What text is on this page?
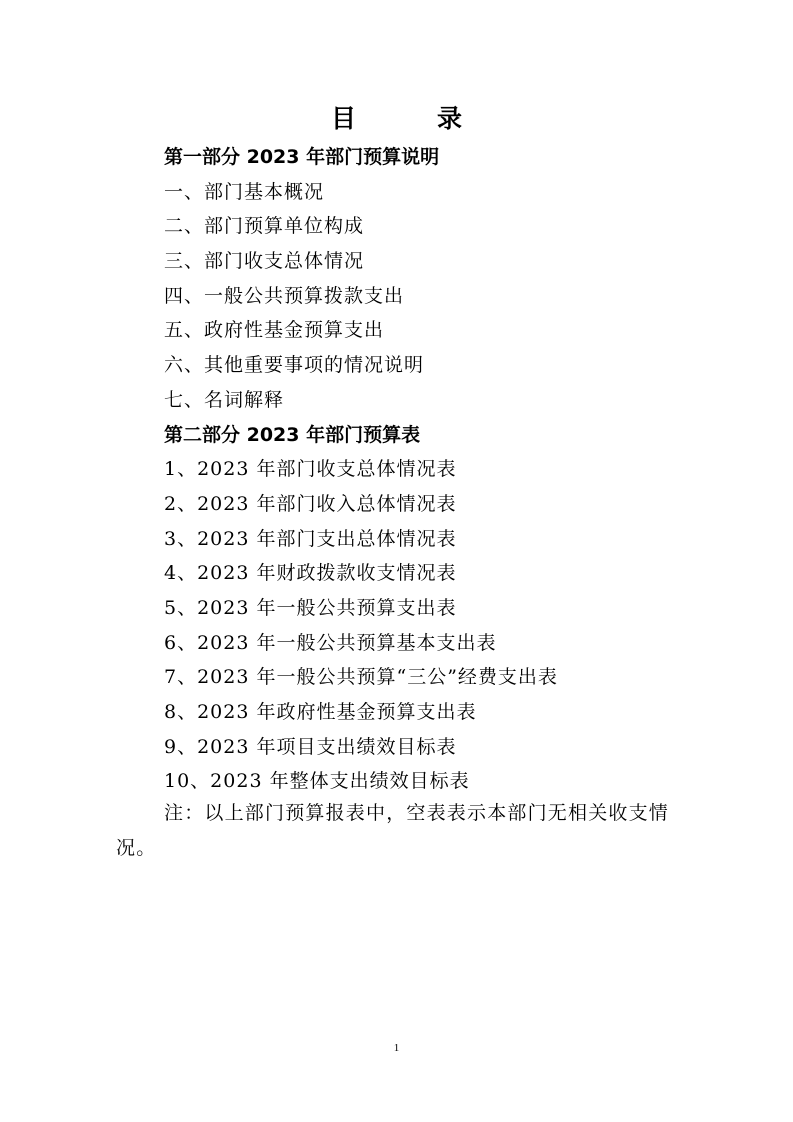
目　录
第一部分 2023 年部门预算说明
一、部门基本概况
二、部门预算单位构成
三、部门收支总体情况
四、一般公共预算拨款支出
五、政府性基金预算支出
六、其他重要事项的情况说明
七、名词解释
第二部分 2023 年部门预算表
1、2023 年部门收支总体情况表
2、2023 年部门收入总体情况表
3、2023 年部门支出总体情况表
4、2023 年财政拨款收支情况表
5、2023 年一般公共预算支出表
6、2023 年一般公共预算基本支出表
7、2023 年一般公共预算“三公”经费支出表
8、2023 年政府性基金预算支出表
9、2023 年项目支出绩效目标表
10、2023 年整体支出绩效目标表
注：以上部门预算报表中，空表表示本部门无相关收支情况。
1
